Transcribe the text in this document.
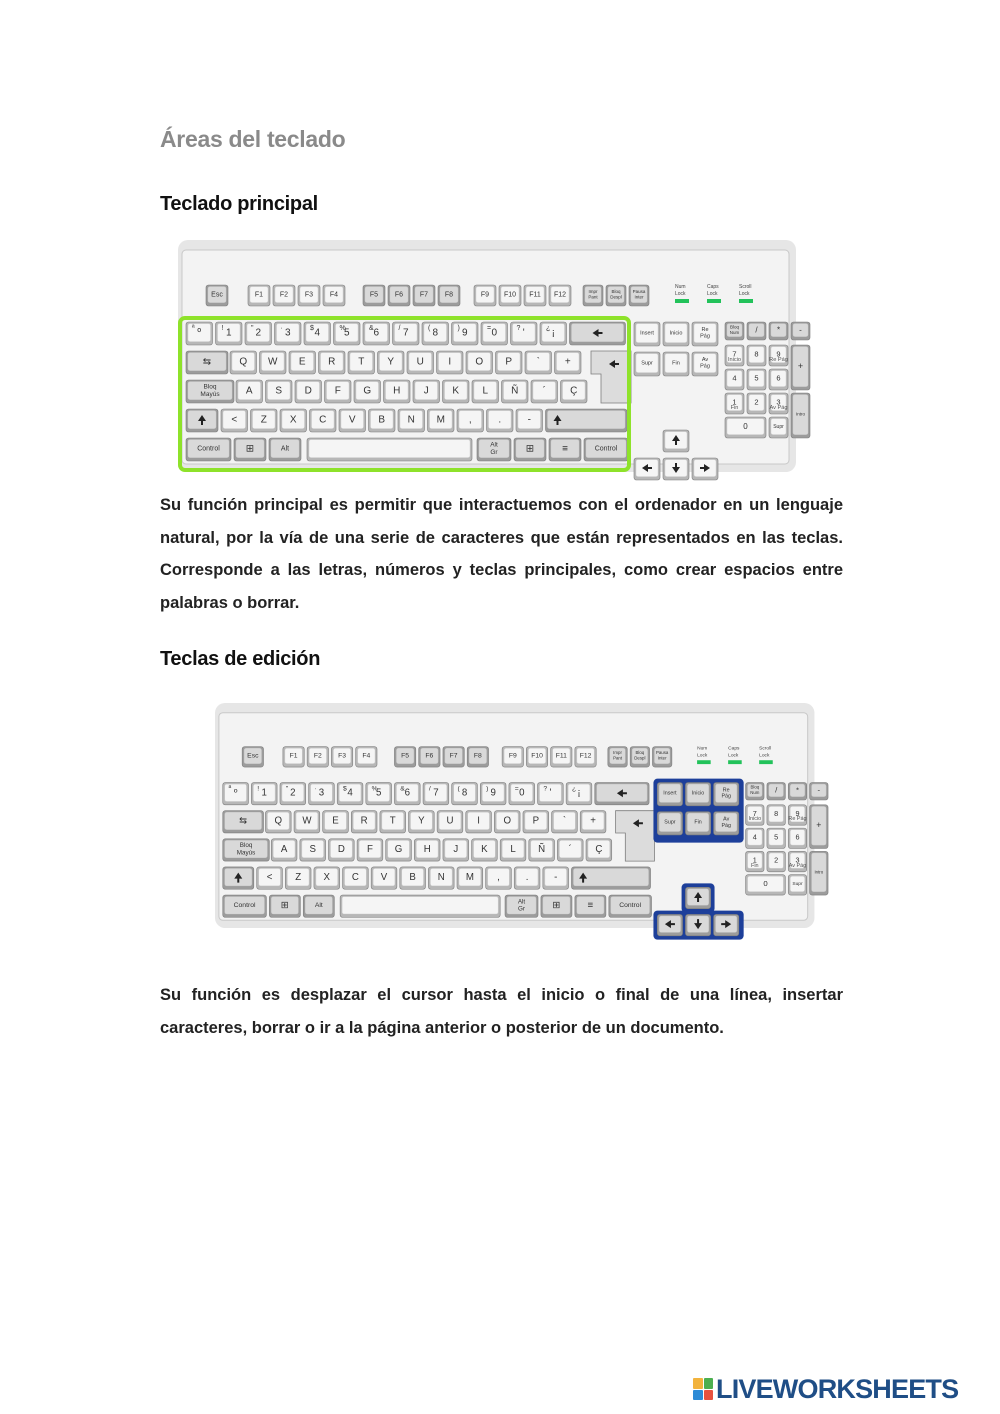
Áreas del teclado
Teclado principal
Esc	F1 F2 F3 F4	F5 F6 F7 F8	F9 F10 F11 F12
Impr
Pant
Bloq
Despl
Pausa
Inter
Num
Lock
Caps
Lock
Scroll
Lock
º
ª	1
!	2
"	3
·	4
$	5
%	6
&	7
/	8
(	9
)	0
=	'
?	¡
¿
⇆	Q W E R T Y U I O P ` +
Bloq
Mayús	A S D F G H J K L Ñ ´ Ç
< Z X C V B N M ,	.	-
Control	⊞	Alt
Alt
Gr	⊞	≡	Control
Insert	Inicio
Re
Pág
Supr	Fin
Av
Pág
Bloq
Num / * -
7
Inicio
8 9
Re Pág
4 5 6
1
Fin
2 3
Av Pág
0	Supr
+
Intro

Su función principal es permitir que interactuemos con el ordenador en un lenguaje natural, por la vía de una serie de caracteres que están representados en las teclas. Corresponde a las letras, números y teclas principales, como crear espacios entre palabras o borrar.

Teclas de edición
Esc	F1 F2 F3 F4	F5 F6 F7 F8	F9 F10 F11 F12
Impr
Pant
Bloq
Despl
Pausa
Inter
Num
Lock
Caps
Lock
Scroll
Lock
º
ª	1
!	2
"	3
·	4
$	5
%	6
&	7
/	8
(	9
)	0
=	'
?	¡
¿
⇆	Q W E R T Y U I O P ` +
Bloq
Mayús	A S D F G H J K L Ñ ´ Ç
< Z X C V B N M ,	.	-
Control	⊞	Alt
Alt
Gr	⊞	≡	Control
Insert	Inicio
Re
Pág
Supr	Fin
Av
Pág
Bloq
Num / * -
7
Inicio
8 9
Re Pág
4 5 6
1
Fin
2 3
Av Pág
0	Supr
+
Intro

Su función es desplazar el cursor hasta el inicio o final de una línea, insertar caracteres, borrar o ir a la página anterior o posterior de un documento.

LIVEWORKSHEETS
